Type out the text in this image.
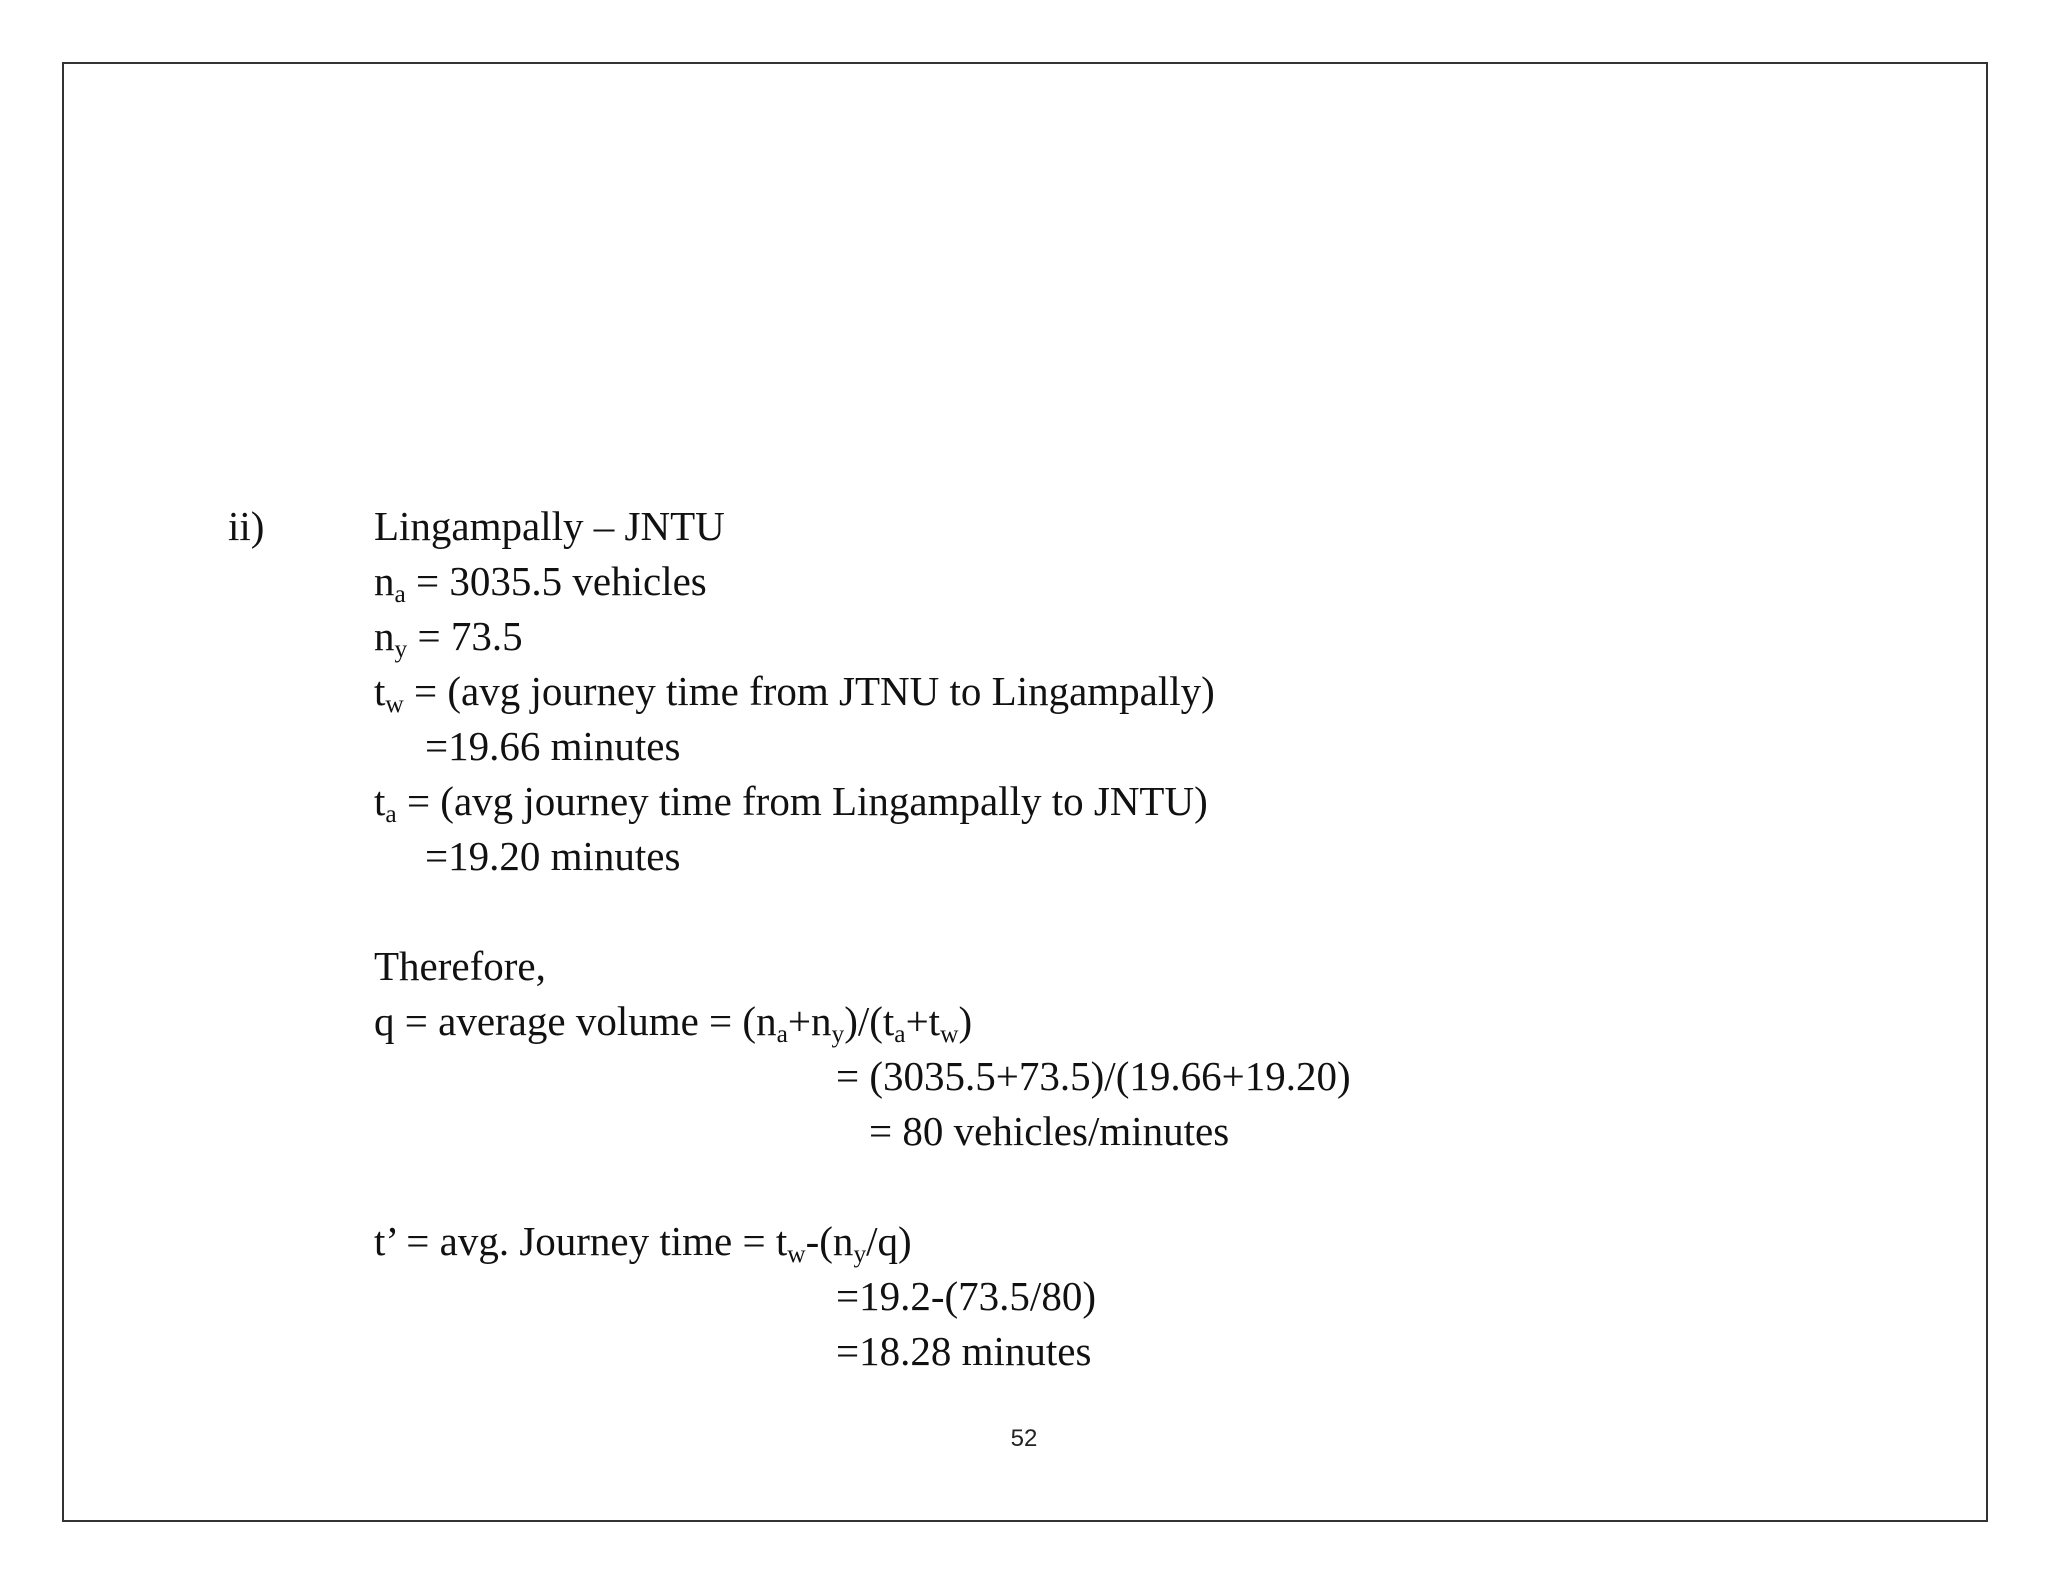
ii)	Lingampally – JNTU
$n_a = 3035.5$ vehicles
$n_y = 73.5$
$t_w = (avg$ journey time from JTNU to Lingampally)
=19.66 minutes
$t_a = (avg$ journey time from Lingampally to JNTU)
=19.20 minutes
Therefore,
q = average volume = $(n_a+n_y)/(t_a+t_w)$
= (3035.5+73.5)/(19.66+19.20)
= 80 vehicles/minutes
t’ = avg. Journey time = $t_w-(n_y/q)$
=19.2-(73.5/80)
=18.28 minutes
52
